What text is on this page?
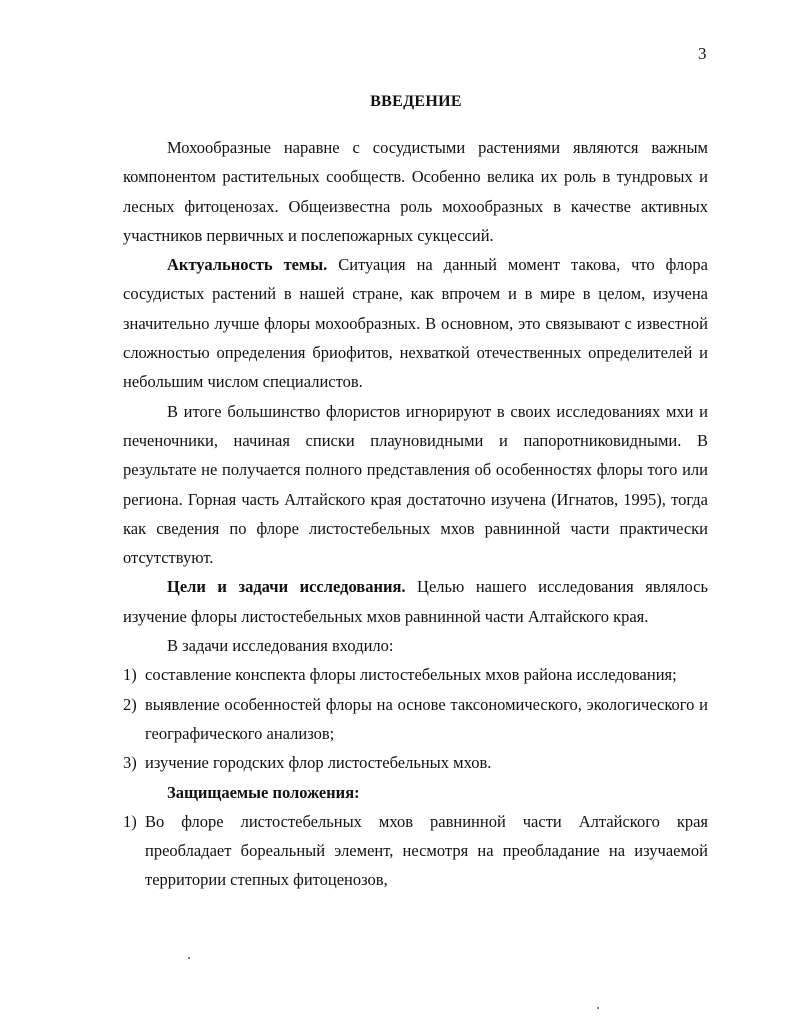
3
ВВЕДЕНИЕ

Мохообразные наравне с сосудистыми растениями являются важным компонентом растительных сообществ. Особенно велика их роль в тундровых и лесных фитоценозах. Общеизвестна роль мохообразных в качестве активных участников первичных и послепожарных сукцессий.

Актуальность темы. Ситуация на данный момент такова, что флора сосудистых растений в нашей стране, как впрочем и в мире в целом, изучена значительно лучше флоры мохообразных. В основном, это связывают с известной сложностью определения бриофитов, нехваткой отечественных определителей и небольшим числом специалистов.

В итоге большинство флористов игнорируют в своих исследованиях мхи и печеночники, начиная списки плауновидными и папоротниковидными. В результате не получается полного представления об особенностях флоры того или региона. Горная часть Алтайского края достаточно изучена (Игнатов, 1995), тогда как сведения по флоре листостебельных мхов равнинной части практически отсутствуют.

Цели и задачи исследования. Целью нашего исследования являлось изучение флоры листостебельных мхов равнинной части Алтайского края.

В задачи исследования входило:

1) составление конспекта флоры листостебельных мхов района исследования;
2) выявление особенностей флоры на основе таксономического, экологического и географического анализов;
3) изучение городских флор листостебельных мхов.

Защищаемые положения:

1) Во флоре листостебельных мхов равнинной части Алтайского края преобладает бореальный элемент, несмотря на преобладание на изучаемой территории степных фитоценозов,
